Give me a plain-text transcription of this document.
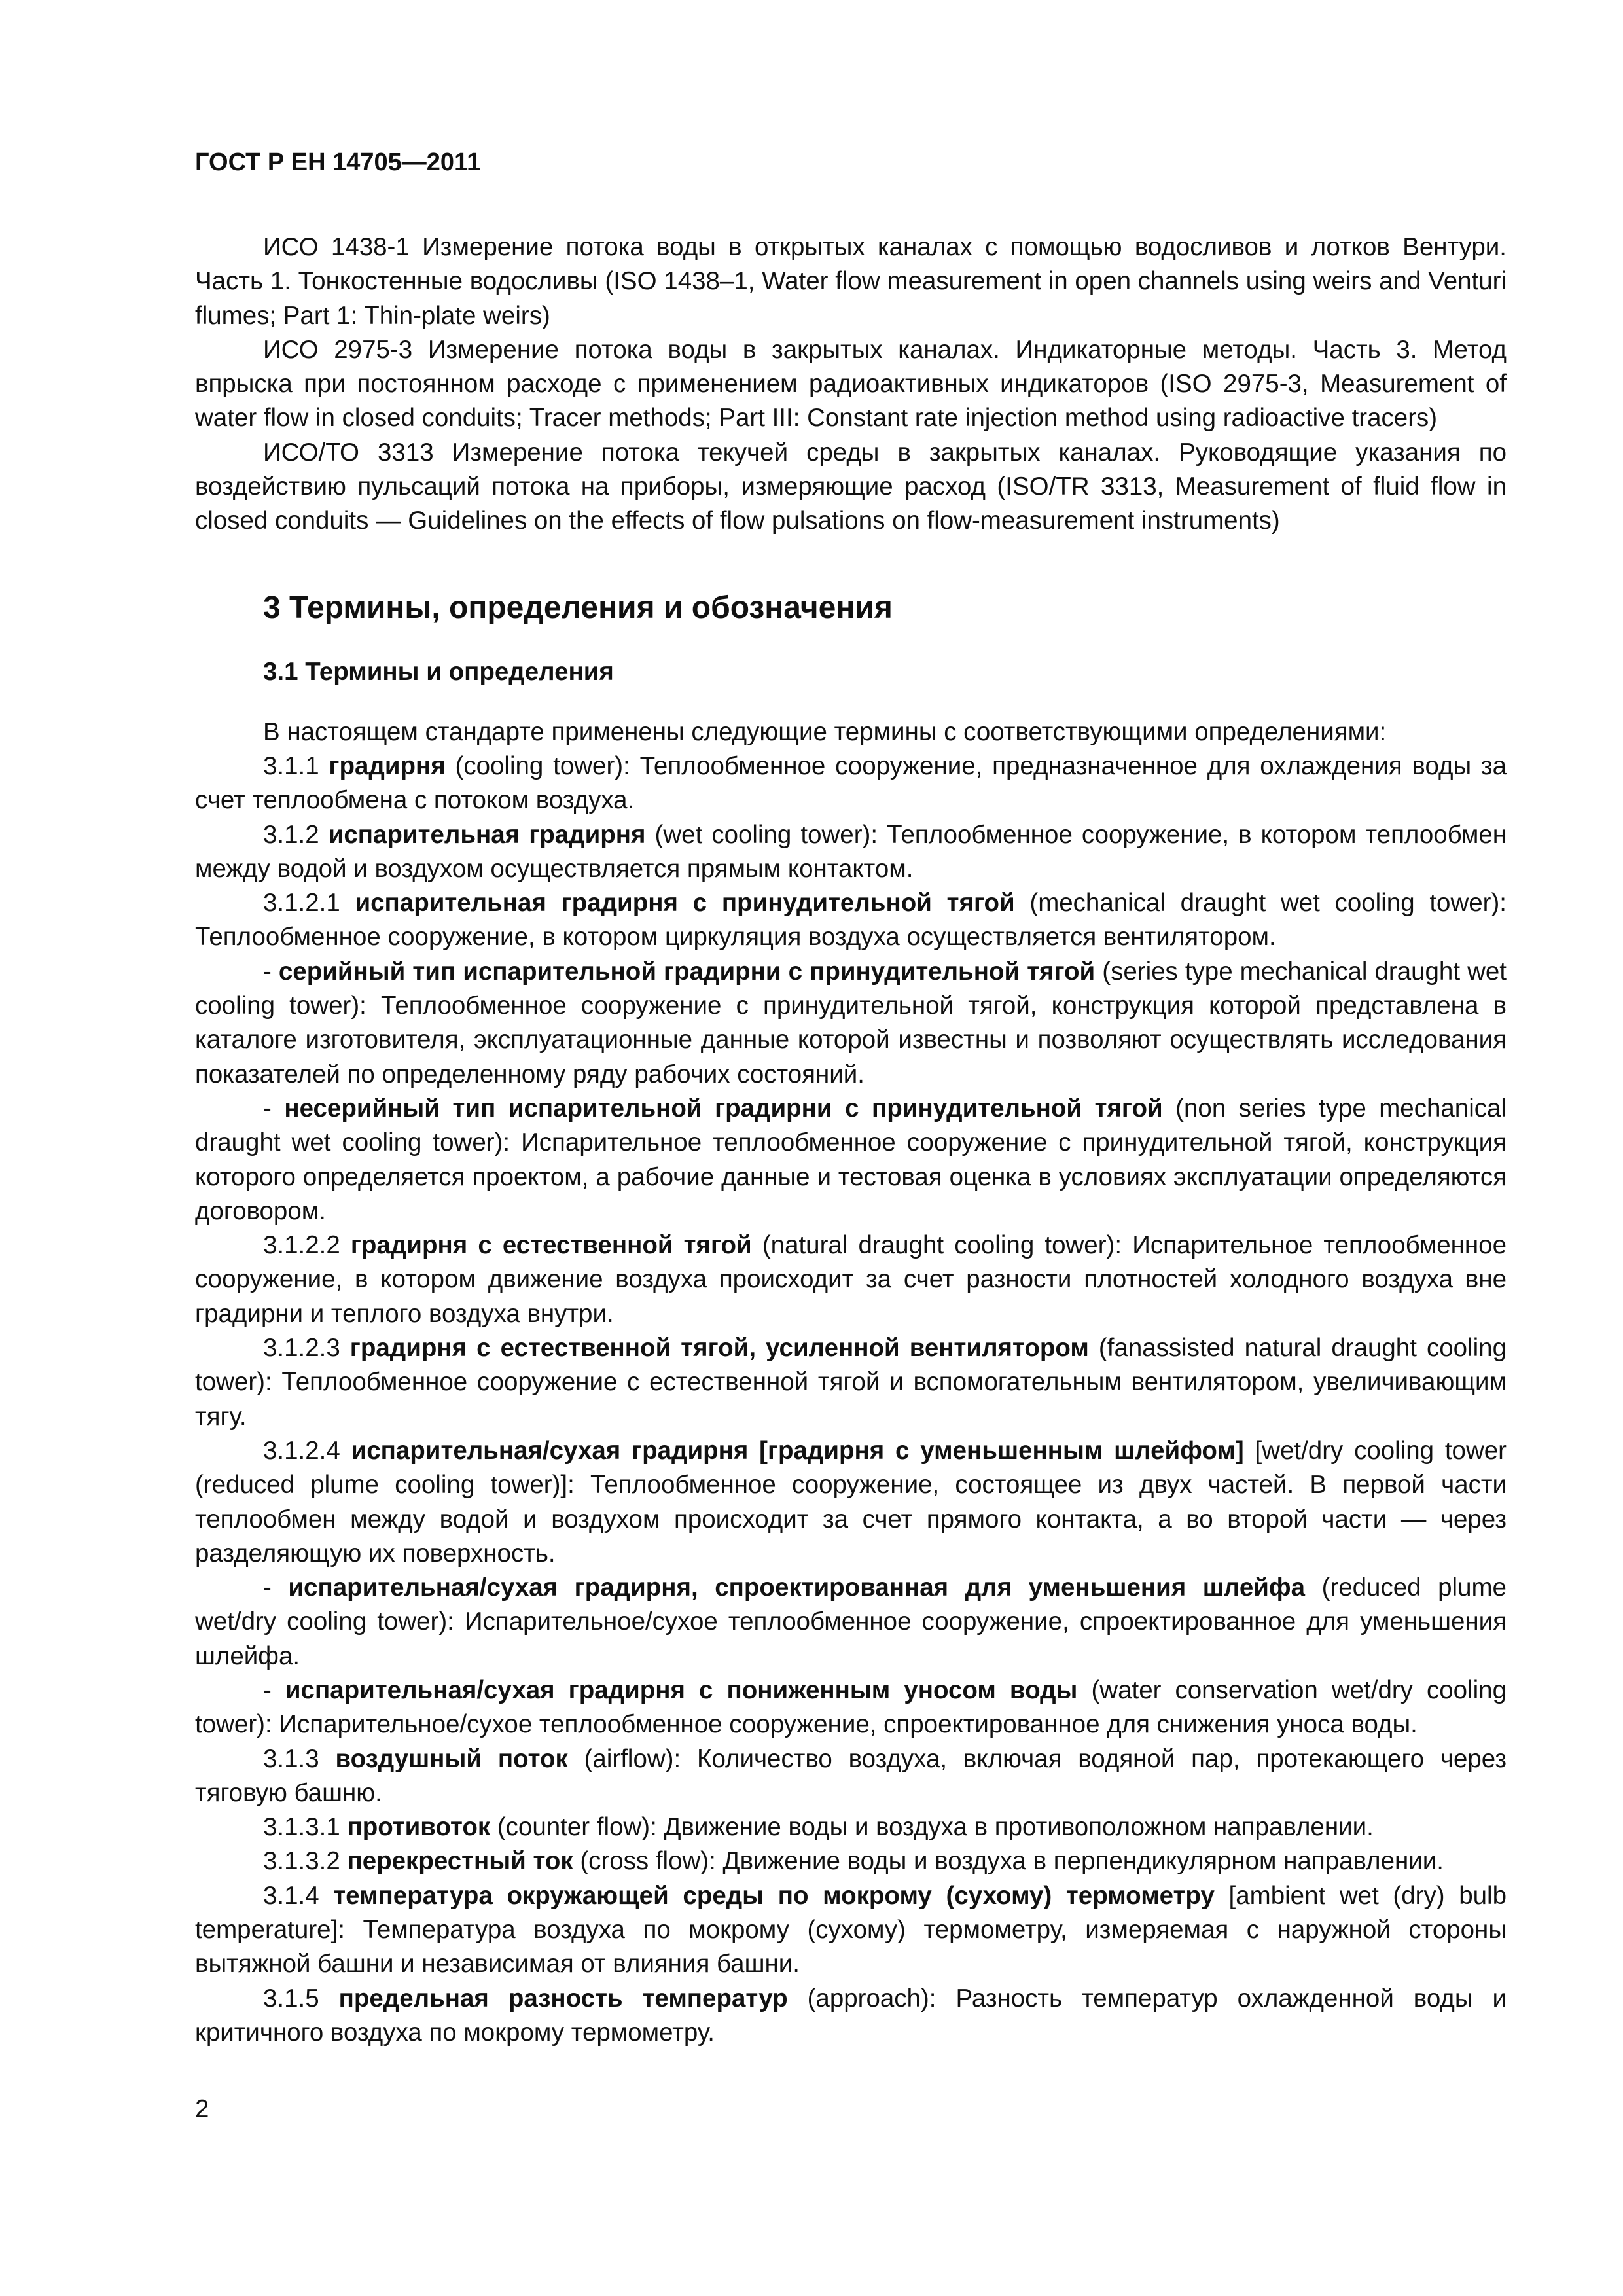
ГОСТ Р ЕН 14705—2011

ИСО 1438-1 Измерение потока воды в открытых каналах с помощью водосливов и лотков Вентури. Часть 1. Тонкостенные водосливы (ISO 1438–1, Water flow measurement in open channels using weirs and Venturi flumes; Part 1: Thin-plate weirs)

ИСО 2975-3 Измерение потока воды в закрытых каналах. Индикаторные методы. Часть 3. Метод впрыска при постоянном расходе с применением радиоактивных индикаторов (ISO 2975-3, Measurement of water flow in closed conduits; Tracer methods; Part III: Constant rate injection method using radioactive tracers)

ИСО/ТО 3313 Измерение потока текучей среды в закрытых каналах. Руководящие указания по воздействию пульсаций потока на приборы, измеряющие расход (ISO/TR 3313, Measurement of fluid flow in closed conduits — Guidelines on the effects of flow pulsations on flow-measurement instruments)

3 Термины, определения и обозначения
3.1 Термины и определения

В настоящем стандарте применены следующие термины с соответствующими определениями:

3.1.1 градирня (cooling tower): Теплообменное сооружение, предназначенное для охлаждения воды за счет теплообмена с потоком воздуха.

3.1.2 испарительная градирня (wet cooling tower): Теплообменное сооружение, в котором теплообмен между водой и воздухом осуществляется прямым контактом.

3.1.2.1 испарительная градирня с принудительной тягой (mechanical draught wet cooling tower): Теплообменное сооружение, в котором циркуляция воздуха осуществляется вентилятором.

- серийный тип испарительной градирни с принудительной тягой (series type mechanical draught wet cooling tower): Теплообменное сооружение с принудительной тягой, конструкция которой представлена в каталоге изготовителя, эксплуатационные данные которой известны и позволяют осуществлять исследования показателей по определенному ряду рабочих состояний.

- несерийный тип испарительной градирни с принудительной тягой (non series type mechanical draught wet cooling tower): Испарительное теплообменное сооружение с принудительной тягой, конструкция которого определяется проектом, а рабочие данные и тестовая оценка в условиях эксплуатации определяются договором.

3.1.2.2 градирня с естественной тягой (natural draught cooling tower): Испарительное теплообменное сооружение, в котором движение воздуха происходит за счет разности плотностей холодного воздуха вне градирни и теплого воздуха внутри.

3.1.2.3 градирня с естественной тягой, усиленной вентилятором (fanassisted natural draught cooling tower): Теплообменное сооружение с естественной тягой и вспомогательным вентилятором, увеличивающим тягу.

3.1.2.4 испарительная/сухая градирня [градирня с уменьшенным шлейфом] [wet/dry cooling tower (reduced plume cooling tower)]: Теплообменное сооружение, состоящее из двух частей. В первой части теплообмен между водой и воздухом происходит за счет прямого контакта, а во второй части — через разделяющую их поверхность.

- испарительная/сухая градирня, спроектированная для уменьшения шлейфа (reduced plume wet/dry cooling tower): Испарительное/сухое теплообменное сооружение, спроектированное для уменьшения шлейфа.

- испарительная/сухая градирня с пониженным уносом воды (water conservation wet/dry cooling tower): Испарительное/сухое теплообменное сооружение, спроектированное для снижения уноса воды.

3.1.3 воздушный поток (airflow): Количество воздуха, включая водяной пар, протекающего через тяговую башню.

3.1.3.1 противоток (counter flow): Движение воды и воздуха в противоположном направлении.

3.1.3.2 перекрестный ток (cross flow): Движение воды и воздуха в перпендикулярном направлении.

3.1.4 температура окружающей среды по мокрому (сухому) термометру [ambient wet (dry) bulb temperature]: Температура воздуха по мокрому (сухому) термометру, измеряемая с наружной стороны вытяжной башни и независимая от влияния башни.

3.1.5 предельная разность температур (approach): Разность температур охлажденной воды и критичного воздуха по мокрому термометру.

2
